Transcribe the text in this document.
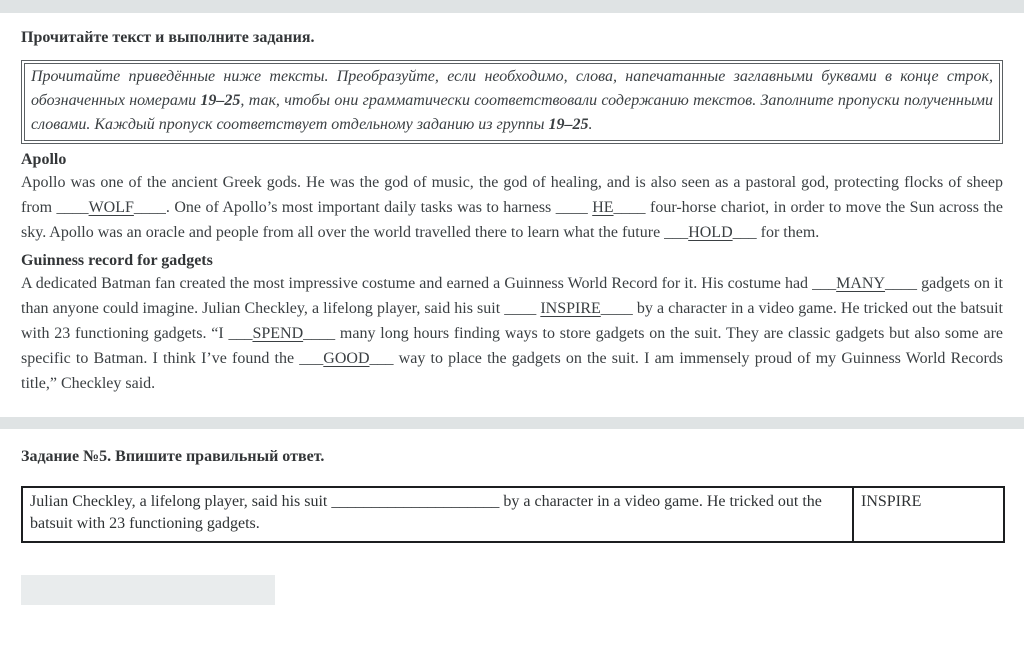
Прочитайте текст и выполните задания.
Прочитайте приведённые ниже тексты. Преобразуйте, если необходимо, слова, напечатанные заглавными буквами в конце строк, обозначенных номерами 19–25, так, чтобы они грамматически соответствовали содержанию текстов. Заполните пропуски полученными словами. Каждый пропуск соответствует отдельному заданию из группы 19–25.
Apollo

Apollo was one of the ancient Greek gods. He was the god of music, the god of healing, and is also seen as a pastoral god, protecting flocks of sheep from ____WOLF____. One of Apollo’s most important daily tasks was to harness ____ HE____ four-horse chariot, in order to move the Sun across the sky. Apollo was an oracle and people from all over the world travelled there to learn what the future ___HOLD___ for them.

Guinness record for gadgets

A dedicated Batman fan created the most impressive costume and earned a Guinness World Record for it. His costume had ___MANY____ gadgets on it than anyone could imagine. Julian Checkley, a lifelong player, said his suit ____ INSPIRE____ by a character in a video game. He tricked out the batsuit with 23 functioning gadgets. “I ___SPEND____ many long hours finding ways to store gadgets on the suit. They are classic gadgets but also some are specific to Batman. I think I’ve found the ___GOOD___ way to place the gadgets on the suit. I am immensely proud of my Guinness World Records title,” Checkley said.

Задание №5. Впишите правильный ответ.
Julian Checkley, a lifelong player, said his suit _____________________ by a character in a video game. He tricked out the batsuit with 23 functioning gadgets.	INSPIRE
